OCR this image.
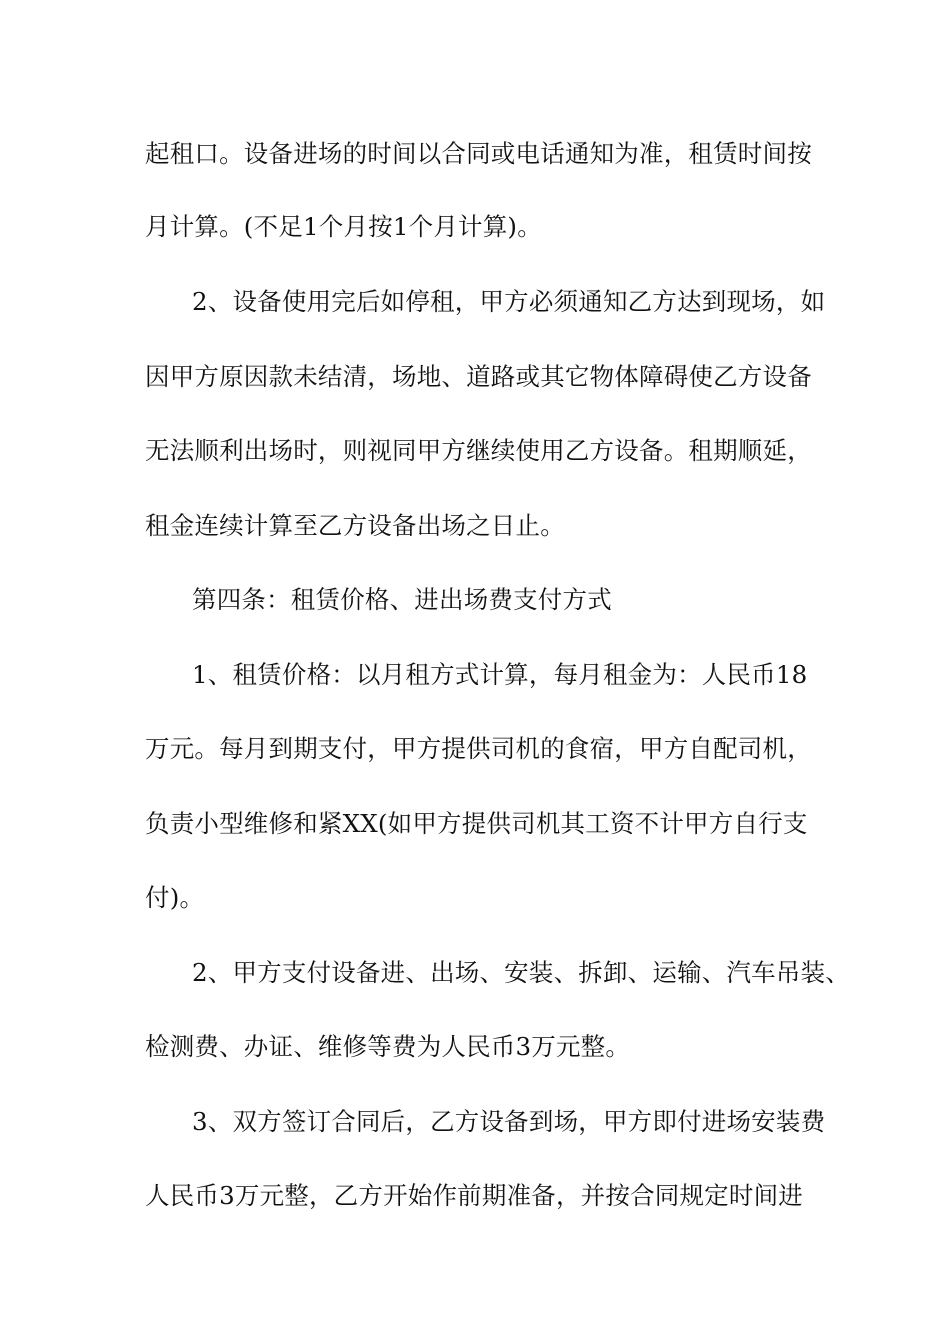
起租口。设备进场的时间以合同或电话通知为准，租赁时间按
月计算。(不足1个月按1个月计算)。
2、设备使用完后如停租，甲方必须通知乙方达到现场，如
因甲方原因款未结清，场地、道路或其它物体障碍使乙方设备
无法顺利出场时，则视同甲方继续使用乙方设备。租期顺延，
租金连续计算至乙方设备出场之日止。
第四条：租赁价格、进出场费支付方式
1、租赁价格：以月租方式计算，每月租金为：人民币18
万元。每月到期支付，甲方提供司机的食宿，甲方自配司机，
负责小型维修和紧XX(如甲方提供司机其工资不计甲方自行支
付)。
2、甲方支付设备进、出场、安装、拆卸、运输、汽车吊装、
检测费、办证、维修等费为人民币3万元整。
3、双方签订合同后，乙方设备到场，甲方即付进场安装费
人民币3万元整，乙方开始作前期准备，并按合同规定时间进
